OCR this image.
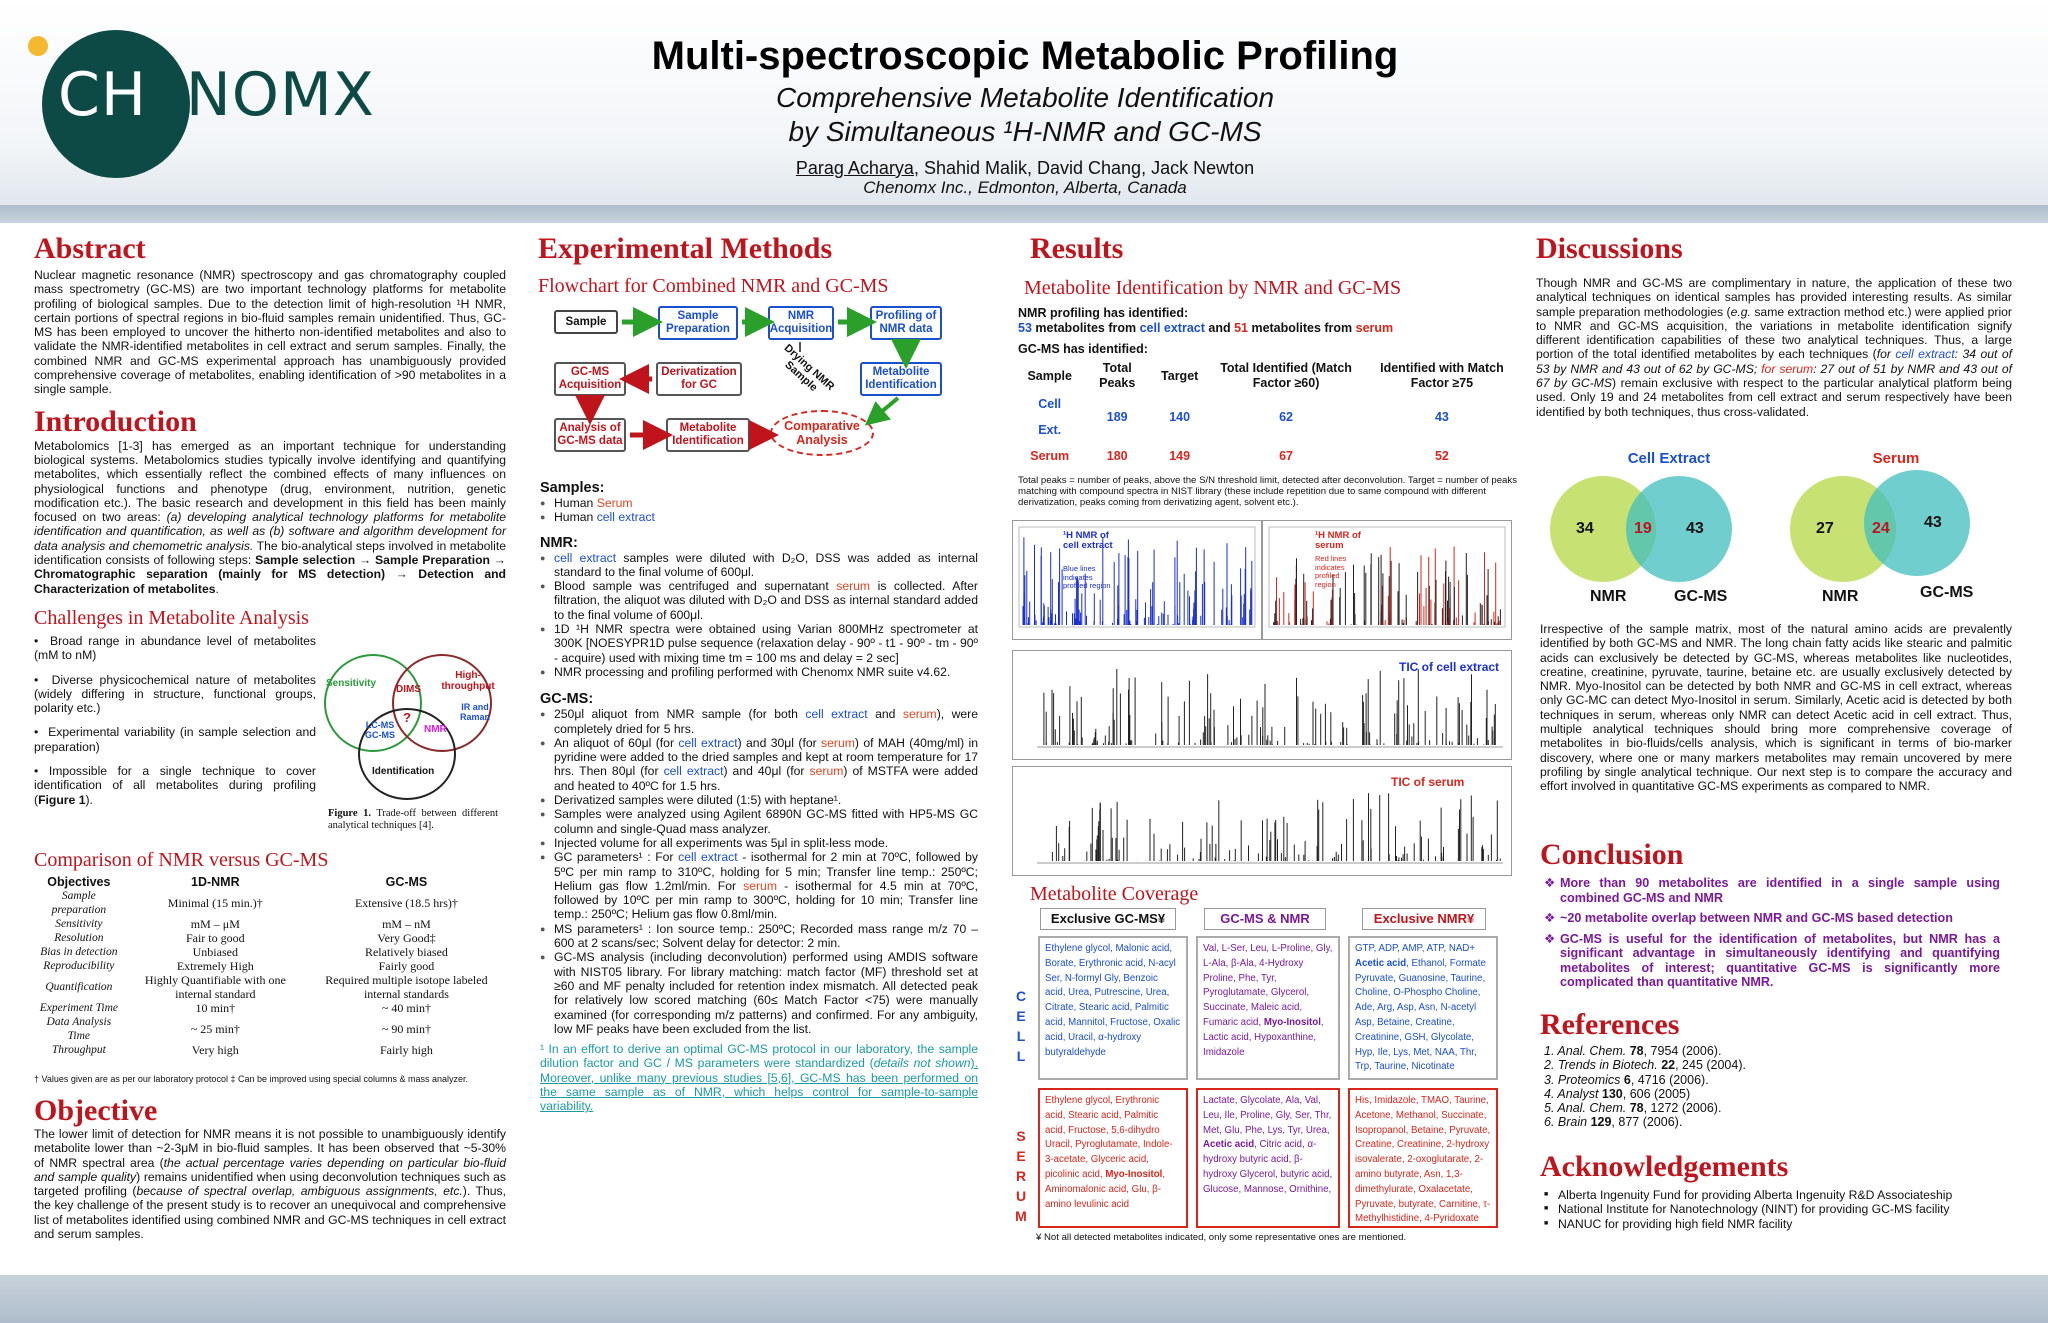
CHENOMX
Multi-spectroscopic Metabolic Profiling
Comprehensive Metabolite Identification
by Simultaneous ¹H-NMR and GC-MS
Parag Acharya, Shahid Malik, David Chang, Jack Newton
Chenomx Inc., Edmonton, Alberta, Canada
Abstract
Nuclear magnetic resonance (NMR) spectroscopy and gas chromatography coupled mass spectrometry (GC-MS) are two important technology platforms for metabolite profiling of biological samples. Due to the detection limit of high-resolution ¹H NMR, certain portions of spectral regions in bio-fluid samples remain unidentified. Thus, GC-MS has been employed to uncover the hitherto non-identified metabolites and also to validate the NMR-identified metabolites in cell extract and serum samples. Finally, the combined NMR and GC-MS experimental approach has unambiguously provided comprehensive coverage of metabolites, enabling identification of >90 metabolites in a single sample.
Introduction
Metabolomics [1-3] has emerged as an important technique for understanding biological systems. Metabolomics studies typically involve identifying and quantifying metabolites, which essentially reflect the combined effects of many influences on physiological functions and phenotype (drug, environment, nutrition, genetic modification etc.). The basic research and development in this field has been mainly focused on two areas: (a) developing analytical technology platforms for metabolite identification and quantification, as well as (b) software and algorithm development for data analysis and chemometric analysis. The bio-analytical steps involved in metabolite identification consists of following steps: Sample selection → Sample Preparation → Chromatographic separation (mainly for MS detection) → Detection and Characterization of metabolites.
Challenges in Metabolite Analysis
•  Broad range in abundance level of metabolites (mM to nM)
•  Diverse physicochemical nature of metabolites (widely differing in structure, functional groups, polarity etc.)
•  Experimental variability (in sample selection and preparation)
• Impossible for a single technique to cover identification of all metabolites during profiling (Figure 1).
Sensitivity
High-throughput
DIMS
IR and Raman
LC-MS GC-MS
?
NMR
Identification
Figure 1. Trade-off between different analytical techniques [4].
Comparison of NMR versus GC-MS
Objectives	1D-NMR	GC-MS
Sample preparation	Minimal (15 min.)†	Extensive (18.5 hrs)†
Sensitivity	mM – μM	mM – nM
Resolution	Fair to good	Very Good‡
Bias in detection	Unbiased	Relatively biased
Reproducibility	Extremely High	Fairly good
Quantification	Highly Quantifiable with one internal standard	Required multiple isotope labeled internal standards
Experiment Time	10 min†	~ 40 min†
Data Analysis Time	~ 25 min†	~ 90 min†
Throughput	Very high	Fairly high
† Values given are as per our laboratory protocol ‡ Can be improved using special columns & mass analyzer.
Objective
The lower limit of detection for NMR means it is not possible to unambiguously identify metabolite lower than ~2-3μM in bio-fluid samples. It has been observed that ~5-30% of NMR spectral area (the actual percentage varies depending on particular bio-fluid and sample quality) remains unidentified when using deconvolution techniques such as targeted profiling (because of spectral overlap, ambiguous assignments, etc.). Thus, the key challenge of the present study is to recover an unequivocal and comprehensive list of metabolites identified using combined NMR and GC-MS techniques in cell extract and serum samples.
Experimental Methods
Flowchart for Combined NMR and GC-MS
Sample	Sample Preparation
NMR Acquisition
Profiling of NMR data
GC-MS Acquisition
Derivatization for GC	Drying NMR Sample	Metabolite Identification
Analysis of GC-MS data
Metabolite Identification
Comparative Analysis
Samples:
● Human Serum
● Human cell extract
NMR:
● cell extract samples were diluted with D₂O, DSS was added as internal standard to the final volume of 600μl.
● Blood sample was centrifuged and supernatant serum is collected. After filtration, the aliquot was diluted with D₂O and DSS as internal standard added to the final volume of 600μl.
● 1D ¹H NMR spectra were obtained using Varian 800MHz spectrometer at 300K [NOESYPR1D pulse sequence (relaxation delay - 90º - t1 - 90º - tm - 90º - acquire) used with mixing time tm = 100 ms and delay = 2 sec]
● NMR processing and profiling performed with Chenomx NMR suite v4.62.
GC-MS:
● 250μl aliquot from NMR sample (for both cell extract and serum), were completely dried for 5 hrs.
● An aliquot of 60μl (for cell extract) and 30μl (for serum) of MAH (40mg/ml) in pyridine were added to the dried samples and kept at room temperature for 17 hrs. Then 80μl (for cell extract) and 40μl (for serum) of MSTFA were added and heated to 40ºC for 1.5 hrs.
● Derivatized samples were diluted (1:5) with heptane¹.
● Samples were analyzed using Agilent 6890N GC-MS fitted with HP5-MS GC column and single-Quad mass analyzer.
● Injected volume for all experiments was 5μl in split-less mode.
● GC parameters¹ : For cell extract - isothermal for 2 min at 70ºC, followed by 5ºC per min ramp to 310ºC, holding for 5 min; Transfer line temp.: 250ºC; Helium gas flow 1.2ml/min. For serum - isothermal for 4.5 min at 70ºC, followed by 10ºC per min ramp to 300ºC, holding for 10 min; Transfer line temp.: 250ºC; Helium gas flow 0.8ml/min.
● MS parameters¹ : Ion source temp.: 250ºC; Recorded mass range m/z 70 – 600 at 2 scans/sec; Solvent delay for detector: 2 min.
● GC-MS analysis (including deconvolution) performed using AMDIS software with NIST05 library. For library matching: match factor (MF) threshold set at ≥60 and MF penalty included for retention index mismatch. All detected peak for relatively low scored matching (60≤ Match Factor <75) were manually examined (for corresponding m/z patterns) and confirmed. For any ambiguity, low MF peaks have been excluded from the list.
¹ In an effort to derive an optimal GC-MS protocol in our laboratory, the sample dilution factor and GC / MS parameters were standardized (details not shown). Moreover, unlike many previous studies [5,6], GC-MS has been performed on the same sample as of NMR, which helps control for sample-to-sample variability.
Results
Metabolite Identification by NMR and GC-MS
NMR profiling has identified:
53 metabolites from cell extract and 51 metabolites from serum
GC-MS has identified:
Sample	Total Peaks	Target	Total Identified (Match Factor ≥60)	Identified with Match Factor ≥75
Cell Ext.	189	140	62	43
Serum	180	149	67	52
Total peaks = number of peaks, above the S/N threshold limit, detected after deconvolution. Target = number of peaks matching with compound spectra in NIST library (these include repetition due to same compound with different derivatization, peaks coming from derivatizing agent, solvent etc.).
¹H NMR of cell extract
Blue lines indicates profiled region
¹H NMR of serum
Red lines indicates profiled region
TIC of cell extract
TIC of serum
Metabolite Coverage
Exclusive GC-MS¥	GC-MS & NMR	Exclusive NMR¥
C
E
L
L
S
E
R
U
M
Ethylene glycol, Malonic acid, Borate, Erythronic acid, N-acyl Ser, N-formyl Gly, Benzoic acid, Urea, Putrescine, Urea, Citrate, Stearic acid, Palmitic acid, Mannitol, Fructose, Oxalic acid, Uracil, α-hydroxy butyraldehyde
Val, L-Ser, Leu, L-Proline, Gly, L-Ala, β-Ala, 4-Hydroxy Proline, Phe, Tyr, Pyroglutamate, Glycerol, Succinate, Maleic acid, Fumaric acid, Myo-Inositol, Lactic acid, Hypoxanthine, Imidazole
GTP, ADP, AMP, ATP, NAD+ Acetic acid, Ethanol, Formate Pyruvate, Guanosine, Taurine, Choline, O-Phospho Choline, Ade, Arg, Asp, Asn, N-acetyl Asp, Betaine, Creatine, Creatinine, GSH, Glycolate, Hyp, Ile, Lys, Met, NAA, Thr, Trp, Taurine, Nicotinate
Ethylene glycol, Erythronic acid, Stearic acid, Palmitic acid, Fructose, 5,6-dihydro Uracil, Pyroglutamate, Indole-3-acetate, Glyceric acid, picolinic acid, Myo-Inositol, Aminomalonic acid, Glu, β-amino levulinic acid
Lactate, Glycolate, Ala, Val, Leu, Ile, Proline, Gly, Ser, Thr, Met, Glu, Phe, Lys, Tyr, Urea, Acetic acid, Citric acid, α-hydroxy butyric acid, β-hydroxy Glycerol, butyric acid, Glucose, Mannose, Ornithine,
His, Imidazole, TMAO, Taurine, Acetone, Methanol, Succinate, Isopropanol, Betaine, Pyruvate, Creatine, Creatinine, 2-hydroxy isovalerate, 2-oxoglutarate, 2-amino butyrate, Asn, 1,3-dimethylurate, Oxalacetate, Pyruvate, butyrate, Carnitine, τ-Methylhistidine, 4-Pyridoxate
¥ Not all detected metabolites indicated, only some representative ones are mentioned.
Discussions
Though NMR and GC-MS are complimentary in nature, the application of these two analytical techniques on identical samples has provided interesting results. As similar sample preparation methodologies (e.g. same extraction method etc.) were applied prior to NMR and GC-MS acquisition, the variations in metabolite identification signify different identification capabilities of these two analytical techniques. Thus, a large portion of the total identified metabolites by each techniques (for cell extract: 34 out of 53 by NMR and 43 out of 62 by GC-MS; for serum: 27 out of 51 by NMR and 43 out of 67 by GC-MS) remain exclusive with respect to the particular analytical platform being used. Only 19 and 24 metabolites from cell extract and serum respectively have been identified by both techniques, thus cross-validated.
Cell Extract
34	19 43
NMR	GC-MS
Serum
27 24 43
NMR	GC-MS
Irrespective of the sample matrix, most of the natural amino acids are prevalently identified by both GC-MS and NMR. The long chain fatty acids like stearic and palmitic acids can exclusively be detected by GC-MS, whereas metabolites like nucleotides, creatine, creatinine, pyruvate, taurine, betaine etc. are usually exclusively detected by NMR. Myo-Inositol can be detected by both NMR and GC-MS in cell extract, whereas only GC-MC can detect Myo-Inositol in serum. Similarly, Acetic acid is detected by both techniques in serum, whereas only NMR can detect Acetic acid in cell extract. Thus, multiple analytical techniques should bring more comprehensive coverage of metabolites in bio-fluids/cells analysis, which is significant in terms of bio-marker discovery, where one or many markers metabolites may remain uncovered by mere profiling by single analytical technique. Our next step is to compare the accuracy and effort involved in quantitative GC-MS experiments as compared to NMR.
Conclusion
❖ More than 90 metabolites are identified in a single sample using combined GC-MS and NMR
❖ ~20 metabolite overlap between NMR and GC-MS based detection
❖ GC-MS is useful for the identification of metabolites, but NMR has a significant advantage in simultaneously identifying and quantifying metabolites of interest; quantitative GC-MS is significantly more complicated than quantitative NMR.
References
1. Anal. Chem. 78, 7954 (2006).
2. Trends in Biotech. 22, 245 (2004).
3. Proteomics 6, 4716 (2006).
4. Analyst 130, 606 (2005)
5. Anal. Chem. 78, 1272 (2006).
6. Brain 129, 877 (2006).
Acknowledgements
■ Alberta Ingenuity Fund for providing Alberta Ingenuity R&D Associateship
■ National Institute for Nanotechnology (NINT) for providing GC-MS facility
■ NANUC for providing high field NMR facility
